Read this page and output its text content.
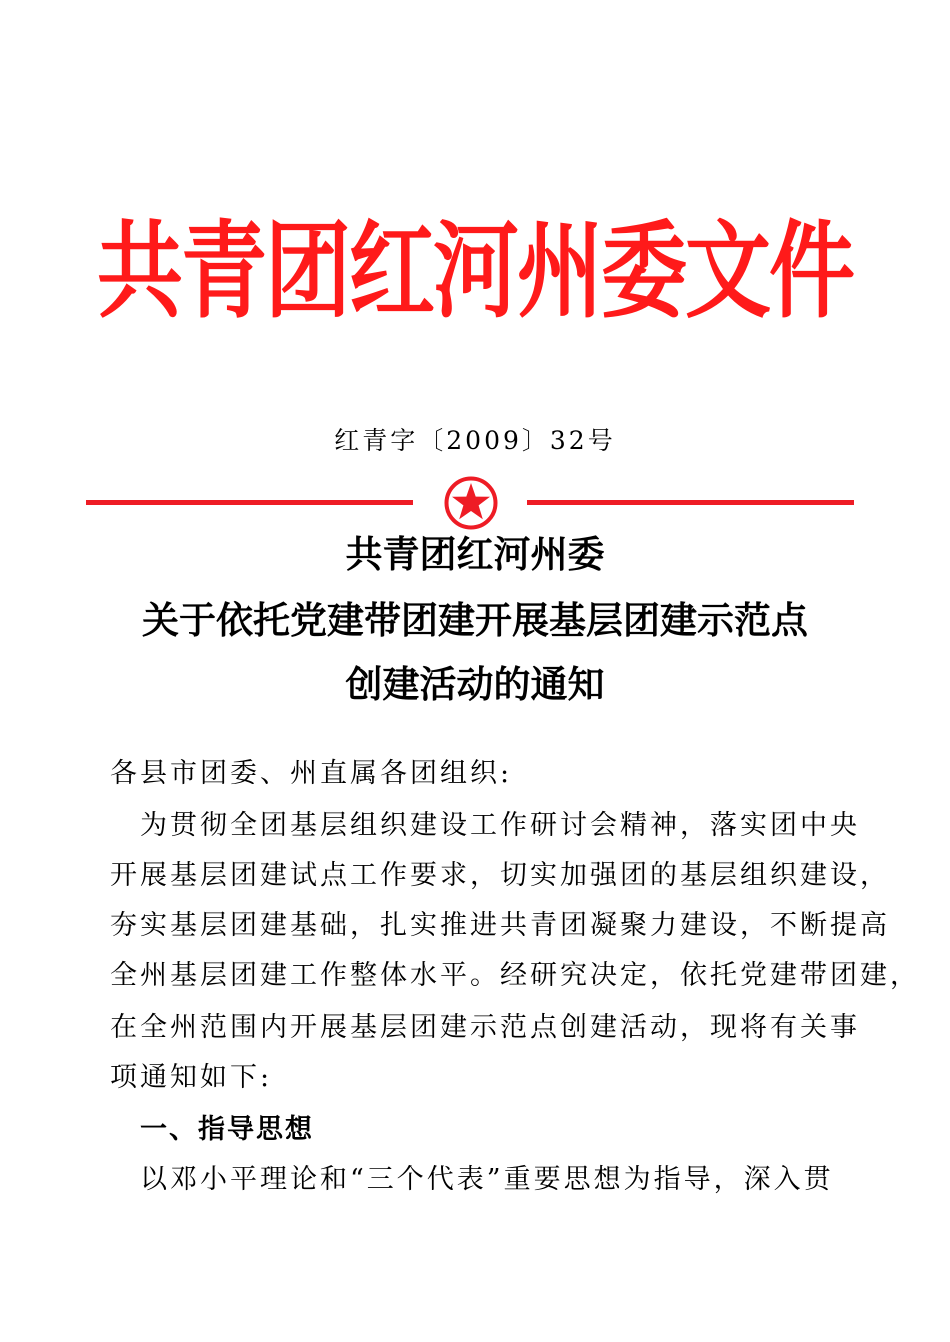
共青团红河州委文件
红青字〔2009〕32号
共青团红河州委
关于依托党建带团建开展基层团建示范点
创建活动的通知
各县市团委、州直属各团组织:
为贯彻全团基层组织建设工作研讨会精神，落实团中央
开展基层团建试点工作要求，切实加强团的基层组织建设，
夯实基层团建基础，扎实推进共青团凝聚力建设，不断提高
全州基层团建工作整体水平。经研究决定，依托党建带团建，
在全州范围内开展基层团建示范点创建活动，现将有关事
项通知如下:
一、指导思想
以邓小平理论和“三个代表”重要思想为指导，深入贯
